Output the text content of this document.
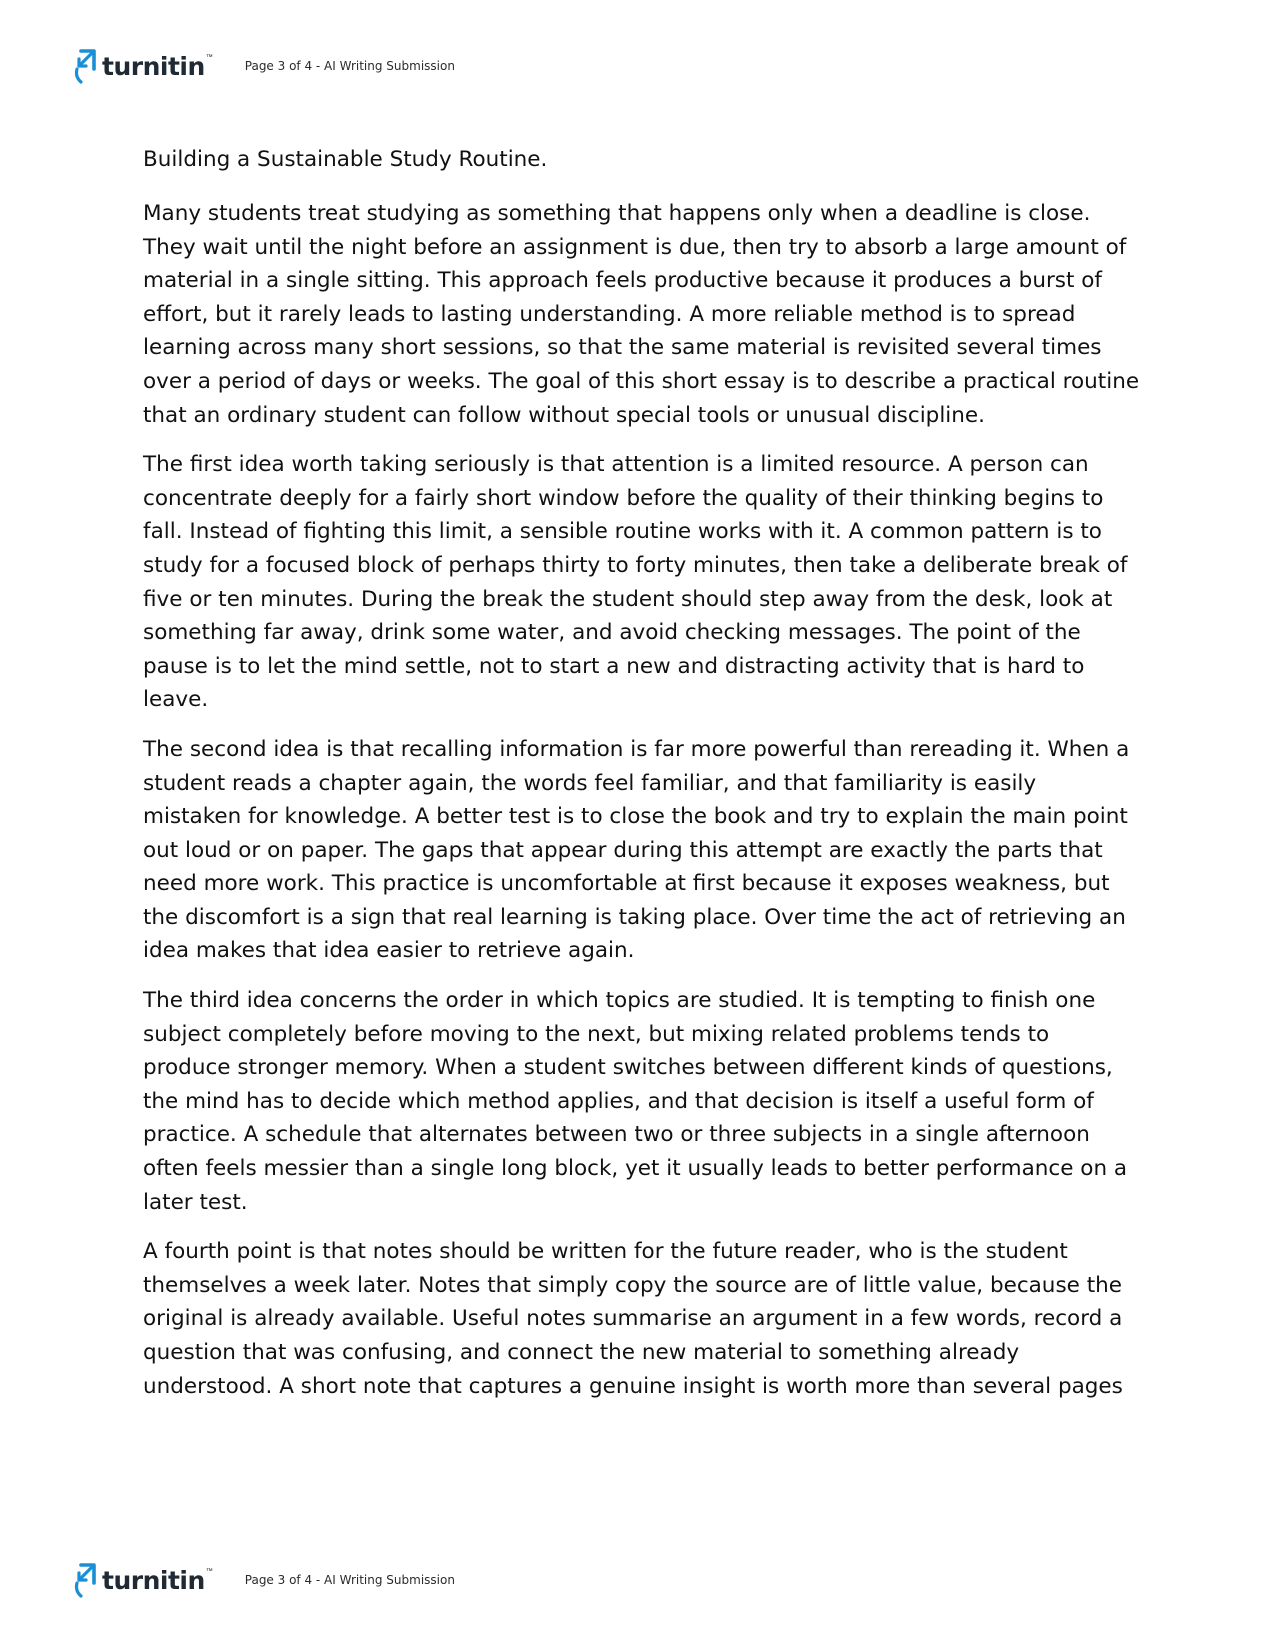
turnitin ™
Page 3 of 4 - AI Writing Submission
Building a Sustainable Study Routine.

Many students treat studying as something that happens only when a deadline is close.
They wait until the night before an assignment is due, then try to absorb a large amount of
material in a single sitting. This approach feels productive because it produces a burst of
effort, but it rarely leads to lasting understanding. A more reliable method is to spread
learning across many short sessions, so that the same material is revisited several times
over a period of days or weeks. The goal of this short essay is to describe a practical routine
that an ordinary student can follow without special tools or unusual discipline.

The first idea worth taking seriously is that attention is a limited resource. A person can
concentrate deeply for a fairly short window before the quality of their thinking begins to
fall. Instead of fighting this limit, a sensible routine works with it. A common pattern is to
study for a focused block of perhaps thirty to forty minutes, then take a deliberate break of
five or ten minutes. During the break the student should step away from the desk, look at
something far away, drink some water, and avoid checking messages. The point of the
pause is to let the mind settle, not to start a new and distracting activity that is hard to
leave.

The second idea is that recalling information is far more powerful than rereading it. When a
student reads a chapter again, the words feel familiar, and that familiarity is easily
mistaken for knowledge. A better test is to close the book and try to explain the main point
out loud or on paper. The gaps that appear during this attempt are exactly the parts that
need more work. This practice is uncomfortable at first because it exposes weakness, but
the discomfort is a sign that real learning is taking place. Over time the act of retrieving an
idea makes that idea easier to retrieve again.

The third idea concerns the order in which topics are studied. It is tempting to finish one
subject completely before moving to the next, but mixing related problems tends to
produce stronger memory. When a student switches between different kinds of questions,
the mind has to decide which method applies, and that decision is itself a useful form of
practice. A schedule that alternates between two or three subjects in a single afternoon
often feels messier than a single long block, yet it usually leads to better performance on a
later test.

A fourth point is that notes should be written for the future reader, who is the student
themselves a week later. Notes that simply copy the source are of little value, because the
original is already available. Useful notes summarise an argument in a few words, record a
question that was confusing, and connect the new material to something already
understood. A short note that captures a genuine insight is worth more than several pages

turnitin ™
Page 3 of 4 - AI Writing Submission
